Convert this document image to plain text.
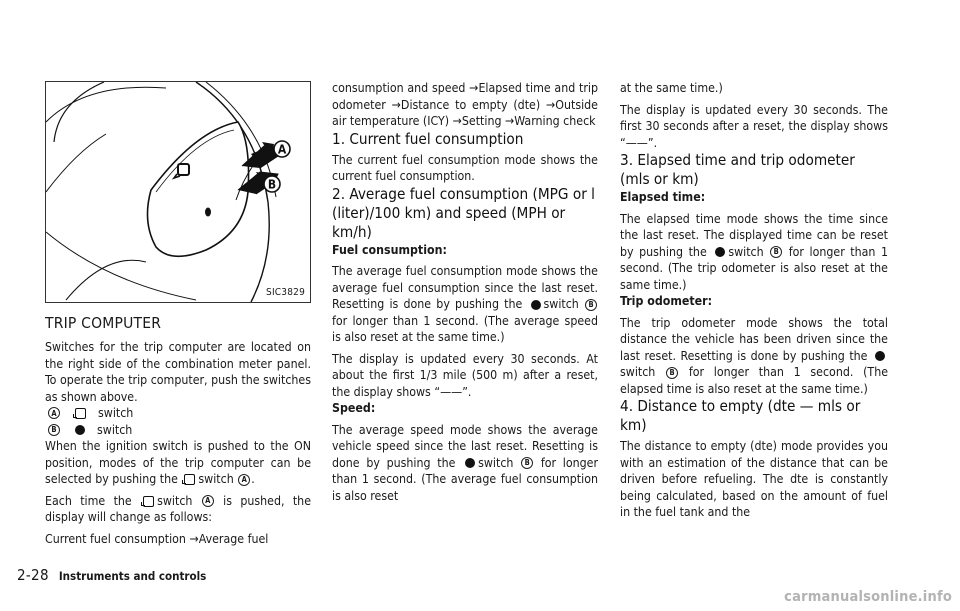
A
B
SIC3829
TRIP COMPUTER

Switches for the trip computer are located on the right side of the combination meter panel. To operate the trip computer, push the switches as shown above.

A	switch
B	switch

When the ignition switch is pushed to the ON position, modes of the trip computer can be selected by pushing the switch A .

Each time the switch A is pushed, the display will change as follows:

Current fuel consumption →Average fuel

consumption and speed →Elapsed time and trip odometer →Distance to empty (dte) →Outside air temperature (ICY) →Setting →Warning check

1. Current fuel consumption

The current fuel consumption mode shows the current fuel consumption.

2. Average fuel consumption (MPG or l (liter)/100 km) and speed (MPH or km/h)
Fuel consumption:

The average fuel consumption mode shows the average fuel consumption since the last reset. Resetting is done by pushing the switch B for longer than 1 second. (The average speed is also reset at the same time.)

The display is updated every 30 seconds. At about the first 1/3 mile (500 m) after a reset, the display shows “——”.

Speed:

The average speed mode shows the average vehicle speed since the last reset. Resetting is done by pushing the switch B for longer than 1 second. (The average fuel consumption is also reset

at the same time.)

The display is updated every 30 seconds. The first 30 seconds after a reset, the display shows “——”.

3. Elapsed time and trip odometer (mls or km)
Elapsed time:

The elapsed time mode shows the time since the last reset. The displayed time can be reset by pushing the switch B for longer than 1 second. (The trip odometer is also reset at the same time.)

Trip odometer:

The trip odometer mode shows the total distance the vehicle has been driven since the last reset. Resetting is done by pushing the switch B for longer than 1 second. (The elapsed time is also reset at the same time.)

4. Distance to empty (dte — mls or km)

The distance to empty (dte) mode provides you with an estimation of the distance that can be driven before refueling. The dte is constantly being calculated, based on the amount of fuel in the fuel tank and the

2-28 Instruments and controls
carmanualsonline.info
